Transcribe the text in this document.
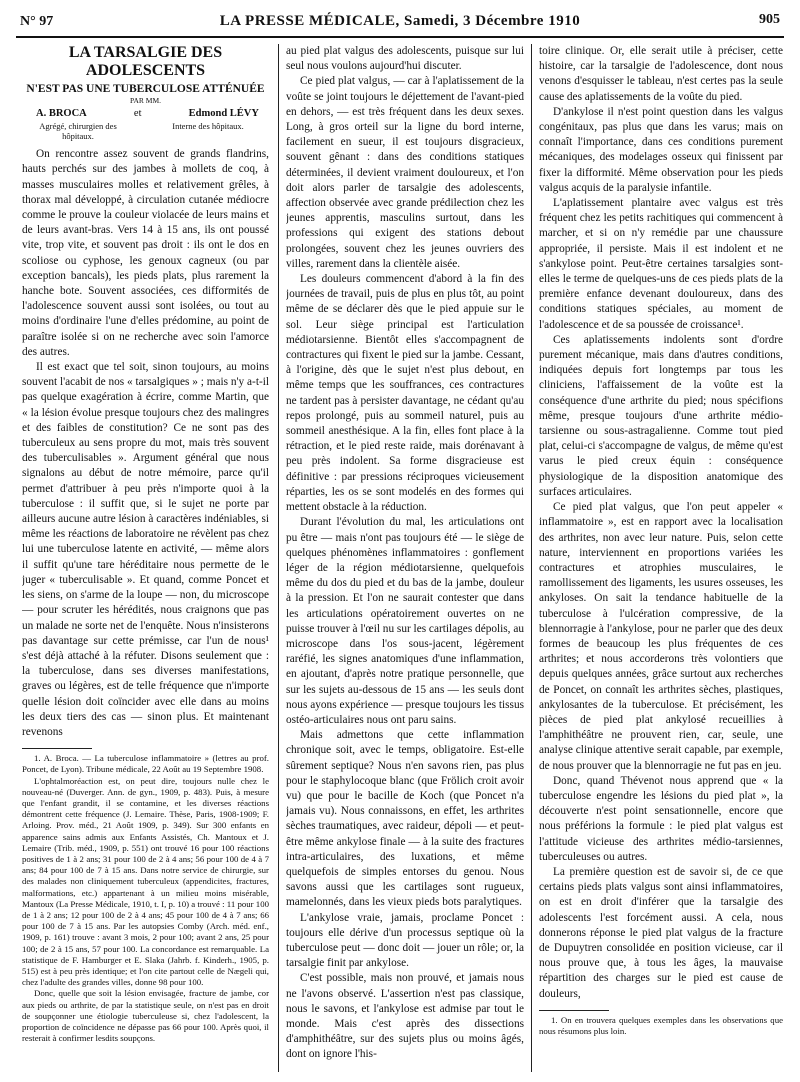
N° 97	LA PRESSE MÉDICALE, Samedi, 3 Décembre 1910	905

LA TARSALGIE DES ADOLESCENTS

N'EST PAS UNE TUBERCULOSE ATTÉNUÉE

PAR MM.

A. BROCA	et	Edmond LÉVY
Agrégé, chirurgien des hôpitaux.
Interne des hôpitaux.

On rencontre assez souvent de grands flandrins, hauts perchés sur des jambes à mollets de coq, à masses musculaires molles et relativement grêles, à thorax mal développé, à circulation cutanée médiocre comme le prouve la couleur violacée de leurs mains et de leurs avant-bras. Vers 14 à 15 ans, ils ont poussé vite, trop vite, et souvent pas droit : ils ont le dos en scoliose ou cyphose, les genoux cagneux (ou par exception bancals), les pieds plats, plus rarement la hanche bote. Souvent associées, ces difformités de l'adolescence souvent aussi sont isolées, ou tout au moins d'ordinaire l'une d'elles prédomine, au point de paraître isolée si on ne recherche avec soin l'amorce des autres.

Il est exact que tel soit, sinon toujours, au moins souvent l'acabit de nos « tarsalgiques » ; mais n'y a-t-il pas quelque exagération à écrire, comme Martin, que « la lésion évolue presque toujours chez des malingres et des faibles de constitution? Ce ne sont pas des tuberculeux au sens propre du mot, mais très souvent des tuberculisables ». Argument général que nous signalons au début de notre mémoire, parce qu'il permet d'attribuer à peu près n'importe quoi à la tuberculose : il suffit que, si le sujet ne porte par ailleurs aucune autre lésion à caractères indéniables, si même les réactions de laboratoire ne révèlent pas chez lui une tuberculose latente en activité, — même alors il suffit qu'une tare héréditaire nous permette de le juger « tuberculisable ». Et quand, comme Poncet et les siens, on s'arme de la loupe — non, du microscope — pour scruter les hérédités, nous craignons que pas un malade ne sorte net de l'enquête. Nous n'insisterons pas davantage sur cette prémisse, car l'un de nous¹ s'est déjà attaché à la réfuter. Disons seulement que : la tuberculose, dans ses diverses manifestations, graves ou légères, est de telle fréquence que n'importe quelle lésion doit coïncider avec elle dans au moins les deux tiers des cas — sinon plus. Et maintenant revenons

1. A. Broca. — La tuberculose inflammatoire » (lettres au prof. Poncet, de Lyon). Tribune médicale, 22 Août au 19 Septembre 1908.

L'ophtalmoréaction est, on peut dire, toujours nulle chez le nouveau-né (Duverger. Ann. de gyn., 1909, p. 483). Puis, à mesure que l'enfant grandit, il se contamine, et les diverses réactions démontrent cette fréquence (J. Lemaire. Thèse, Paris, 1908-1909; F. Arloing. Prov. méd., 21 Août 1909, p. 349). Sur 300 enfants en apparence sains admis aux Enfants Assistés, Ch. Mantoux et J. Lemaire (Trib. méd., 1909, p. 551) ont trouvé 16 pour 100 réactions positives de 1 à 2 ans; 31 pour 100 de 2 à 4 ans; 56 pour 100 de 4 à 7 ans; 84 pour 100 de 7 à 15 ans. Dans notre service de chirurgie, sur des malades non cliniquement tuberculeux (appendicites, fractures, malformations, etc.) appartenant à un milieu moins misérable, Mantoux (La Presse Médicale, 1910, t. I, p. 10) a trouvé : 11 pour 100 de 1 à 2 ans; 12 pour 100 de 2 à 4 ans; 45 pour 100 de 4 à 7 ans; 66 pour 100 de 7 à 15 ans. Par les autopsies Comby (Arch. méd. enf., 1909, p. 161) trouve : avant 3 mois, 2 pour 100; avant 2 ans, 25 pour 100; de 2 à 15 ans, 57 pour 100. La concordance est remarquable. La statistique de F. Hamburger et E. Slaka (Jahrb. f. Kinderh., 1905, p. 515) est à peu près identique; et l'on cite partout celle de Nægeli qui, chez l'adulte des grandes villes, donne 98 pour 100.

Donc, quelle que soit la lésion envisagée, fracture de jambe, cor aux pieds ou arthrite, de par la statistique seule, on n'est pas en droit de soupçonner une étiologie tuberculeuse si, chez l'adolescent, la proportion de coïncidence ne dépasse pas 66 pour 100. Après quoi, il resterait à confirmer lesdits soupçons.

au pied plat valgus des adolescents, puisque sur lui seul nous voulons aujourd'hui discuter.

Ce pied plat valgus, — car à l'aplatissement de la voûte se joint toujours le déjettement de l'avant-pied en dehors, — est très fréquent dans les deux sexes. Long, à gros orteil sur la ligne du bord interne, facilement en sueur, il est toujours disgracieux, souvent gênant : dans des conditions statiques déterminées, il devient vraiment douloureux, et l'on doit alors parler de tarsalgie des adolescents, affection observée avec grande prédilection chez les jeunes apprentis, masculins surtout, dans les professions qui exigent des stations debout prolongées, souvent chez les jeunes ouvriers des villes, rarement dans la clientèle aisée.

Les douleurs commencent d'abord à la fin des journées de travail, puis de plus en plus tôt, au point même de se déclarer dès que le pied appuie sur le sol. Leur siège principal est l'articulation médiotarsienne. Bientôt elles s'accompagnent de contractures qui fixent le pied sur la jambe. Cessant, à l'origine, dès que le sujet n'est plus debout, en même temps que les souffrances, ces contractures ne tardent pas à persister davantage, ne cédant qu'au repos prolongé, puis au sommeil naturel, puis au sommeil anesthésique. A la fin, elles font place à la rétraction, et le pied reste raide, mais dorénavant à peu près indolent. Sa forme disgracieuse est définitive : par pressions réciproques vicieusement réparties, les os se sont modelés en des formes qui mettent obstacle à la réduction.

Durant l'évolution du mal, les articulations ont pu être — mais n'ont pas toujours été — le siège de quelques phénomènes inflammatoires : gonflement léger de la région médiotarsienne, quelquefois même du dos du pied et du bas de la jambe, douleur à la pression. Et l'on ne saurait contester que dans les articulations opératoirement ouvertes on ne puisse trouver à l'œil nu sur les cartilages dépolis, au microscope dans l'os sous-jacent, légèrement raréfié, les signes anatomiques d'une inflammation, en ajoutant, d'après notre pratique personnelle, que sur les sujets au-dessous de 15 ans — les seuls dont nous ayons expérience — presque toujours les tissus ostéo-articulaires nous ont paru sains.

Mais admettons que cette inflammation chronique soit, avec le temps, obligatoire. Est-elle sûrement septique? Nous n'en savons rien, pas plus pour le staphylocoque blanc (que Frölich croit avoir vu) que pour le bacille de Koch (que Poncet n'a jamais vu). Nous connaissons, en effet, les arthrites sèches traumatiques, avec raideur, dépoli — et peut-être même ankylose finale — à la suite des fractures intra-articulaires, des luxations, et même quelquefois de simples entorses du genou. Nous savons aussi que les cartilages sont rugueux, mamelonnés, dans les vieux pieds bots paralytiques.

L'ankylose vraie, jamais, proclame Poncet : toujours elle dérive d'un processus septique où la tuberculose peut — donc doit — jouer un rôle; or, la tarsalgie finit par ankylose.

C'est possible, mais non prouvé, et jamais nous ne l'avons observé. L'assertion n'est pas classique, nous le savons, et l'ankylose est admise par tout le monde. Mais c'est après des dissections d'amphithéâtre, sur des sujets plus ou moins âgés, dont on ignore l'his-

toire clinique. Or, elle serait utile à préciser, cette histoire, car la tarsalgie de l'adolescence, dont nous venons d'esquisser le tableau, n'est certes pas la seule cause des aplatissements de la voûte du pied.

D'ankylose il n'est point question dans les valgus congénitaux, pas plus que dans les varus; mais on connaît l'importance, dans ces conditions purement mécaniques, des modelages osseux qui finissent par fixer la difformité. Même observation pour les pieds valgus acquis de la paralysie infantile.

L'aplatissement plantaire avec valgus est très fréquent chez les petits rachitiques qui commencent à marcher, et si on n'y remédie par une chaussure appropriée, il persiste. Mais il est indolent et ne s'ankylose point. Peut-être certaines tarsalgies sont-elles le terme de quelques-uns de ces pieds plats de la première enfance devenant douloureux, dans des conditions statiques spéciales, au moment de l'adolescence et de sa poussée de croissance¹.

Ces aplatissements indolents sont d'ordre purement mécanique, mais dans d'autres conditions, indiquées depuis fort longtemps par tous les cliniciens, l'affaissement de la voûte est la conséquence d'une arthrite du pied; nous spécifions même, presque toujours d'une arthrite médio-tarsienne ou sous-astragalienne. Comme tout pied plat, celui-ci s'accompagne de valgus, de même qu'est varus le pied creux équin : conséquence physiologique de la disposition anatomique des surfaces articulaires.

Ce pied plat valgus, que l'on peut appeler « inflammatoire », est en rapport avec la localisation des arthrites, non avec leur nature. Puis, selon cette nature, interviennent en proportions variées les contractures et atrophies musculaires, le ramollissement des ligaments, les usures osseuses, les ankyloses. On sait la tendance habituelle de la tuberculose à l'ulcération compressive, de la blennorragie à l'ankylose, pour ne parler que des deux formes de beaucoup les plus fréquentes de ces arthrites; et nous accorderons très volontiers que depuis quelques années, grâce surtout aux recherches de Poncet, on connaît les arthrites sèches, plastiques, ankylosantes de la tuberculose. Et précisément, les pièces de pied plat ankylosé recueillies à l'amphithéâtre ne prouvent rien, car, seule, une analyse clinique attentive serait capable, par exemple, de nous prouver que la blennorragie ne fut pas en jeu.

Donc, quand Thévenot nous apprend que « la tuberculose engendre les lésions du pied plat », la découverte n'est point sensationnelle, encore que nous préférions la formule : le pied plat valgus est l'attitude vicieuse des arthrites médio-tarsiennes, tuberculeuses ou autres.

La première question est de savoir si, de ce que certains pieds plats valgus sont ainsi inflammatoires, on est en droit d'inférer que la tarsalgie des adolescents l'est forcément aussi. A cela, nous donnerons réponse le pied plat valgus de la fracture de Dupuytren consolidée en position vicieuse, car il nous prouve que, à tous les âges, la mauvaise répartition des charges sur le pied est cause de douleurs,

1. On en trouvera quelques exemples dans les observations que nous résumons plus loin.
